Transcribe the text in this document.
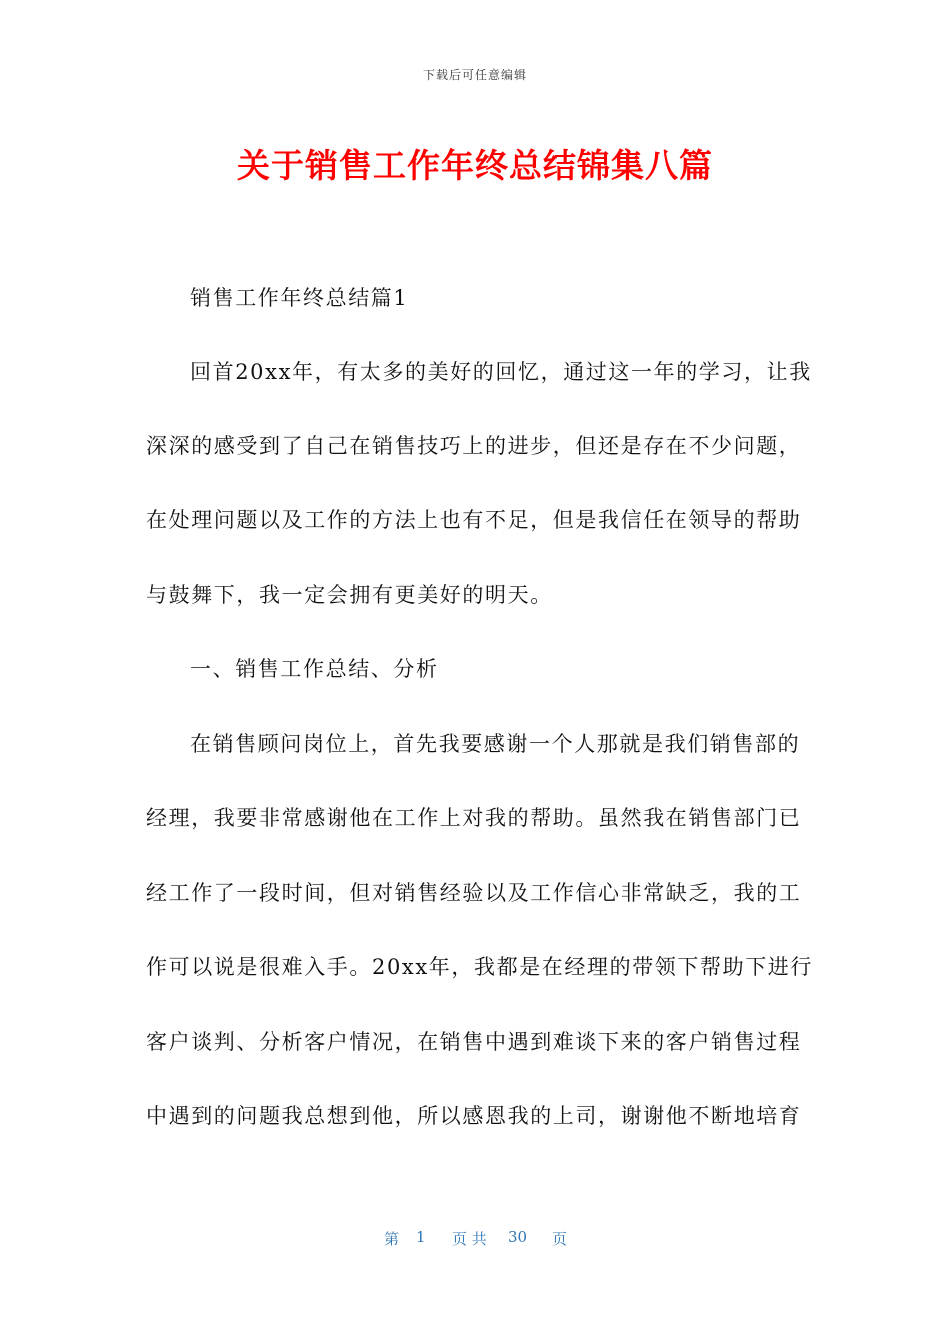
下载后可任意编辑
关于销售工作年终总结锦集八篇
销售工作年终总结篇1
回首20xx年，有太多的美好的回忆，通过这一年的学习，让我
深深的感受到了自己在销售技巧上的进步，但还是存在不少问题，
在处理问题以及工作的方法上也有不足，但是我信任在领导的帮助
与鼓舞下，我一定会拥有更美好的明天。
一、销售工作总结、分析
在销售顾问岗位上，首先我要感谢一个人那就是我们销售部的
经理，我要非常感谢他在工作上对我的帮助。虽然我在销售部门已
经工作了一段时间，但对销售经验以及工作信心非常缺乏，我的工
作可以说是很难入手。20xx年，我都是在经理的带领下帮助下进行
客户谈判、分析客户情况，在销售中遇到难谈下来的客户销售过程
中遇到的问题我总想到他，所以感恩我的上司，谢谢他不断地培育
第 1 页 共 30 页
